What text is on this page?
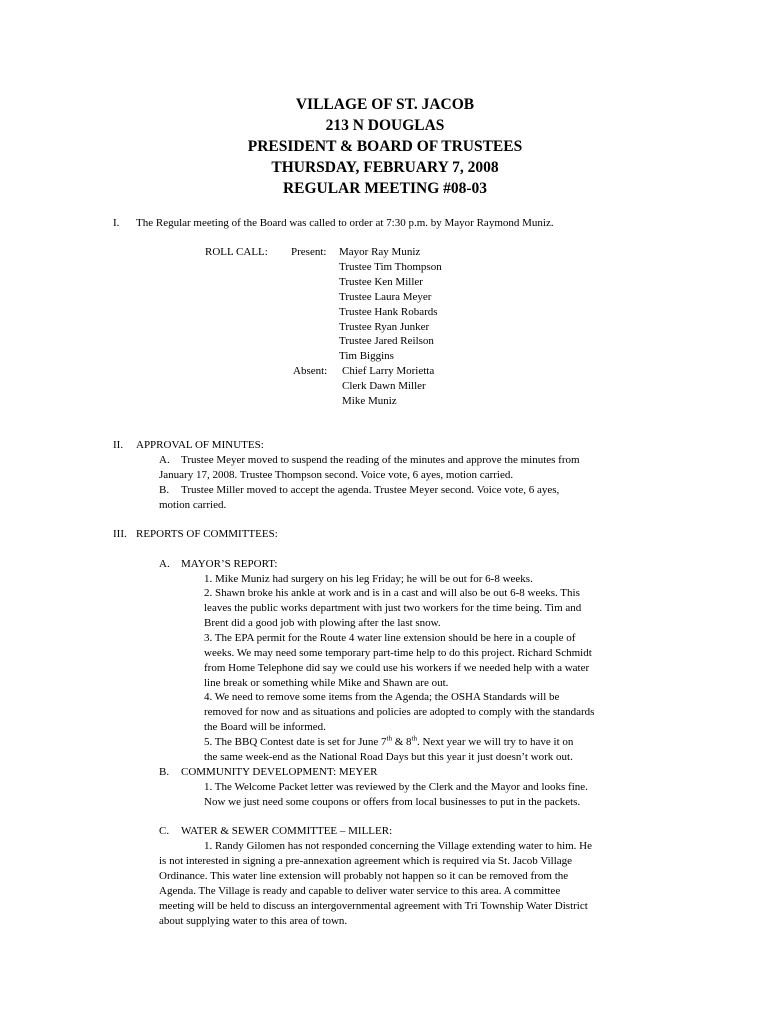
VILLAGE OF ST. JACOB
213 N DOUGLAS
PRESIDENT & BOARD OF TRUSTEES
THURSDAY, FEBRUARY 7, 2008
REGULAR MEETING #08-03
I. The Regular meeting of the Board was called to order at 7:30 p.m. by Mayor Raymond Muniz.
ROLL CALL: Present: Mayor Ray Muniz
Trustee Tim Thompson
Trustee Ken Miller
Trustee Laura Meyer
Trustee Hank Robards
Trustee Ryan Junker
Trustee Jared Reilson
Tim Biggins
Absent: Chief Larry Morietta
Clerk Dawn Miller
Mike Muniz
II. APPROVAL OF MINUTES:
A. Trustee Meyer moved to suspend the reading of the minutes and approve the minutes from
January 17, 2008. Trustee Thompson second. Voice vote, 6 ayes, motion carried.
B. Trustee Miller moved to accept the agenda. Trustee Meyer second. Voice vote, 6 ayes,
motion carried.
III. REPORTS OF COMMITTEES:
A. MAYOR’S REPORT:
1. Mike Muniz had surgery on his leg Friday; he will be out for 6-8 weeks.
2. Shawn broke his ankle at work and is in a cast and will also be out 6-8 weeks. This
leaves the public works department with just two workers for the time being. Tim and
Brent did a good job with plowing after the last snow.
3. The EPA permit for the Route 4 water line extension should be here in a couple of
weeks. We may need some temporary part-time help to do this project. Richard Schmidt
from Home Telephone did say we could use his workers if we needed help with a water
line break or something while Mike and Shawn are out.
4. We need to remove some items from the Agenda; the OSHA Standards will be
removed for now and as situations and policies are adopted to comply with the standards
the Board will be informed.
5. The BBQ Contest date is set for June 7th & 8th. Next year we will try to have it on
the same week-end as the National Road Days but this year it just doesn’t work out.
B. COMMUNITY DEVELOPMENT: MEYER
1. The Welcome Packet letter was reviewed by the Clerk and the Mayor and looks fine.
Now we just need some coupons or offers from local businesses to put in the packets.
C. WATER & SEWER COMMITTEE – MILLER:
1. Randy Gilomen has not responded concerning the Village extending water to him. He
is not interested in signing a pre-annexation agreement which is required via St. Jacob Village
Ordinance. This water line extension will probably not happen so it can be removed from the
Agenda. The Village is ready and capable to deliver water service to this area. A committee
meeting will be held to discuss an intergovernmental agreement with Tri Township Water District
about supplying water to this area of town.
